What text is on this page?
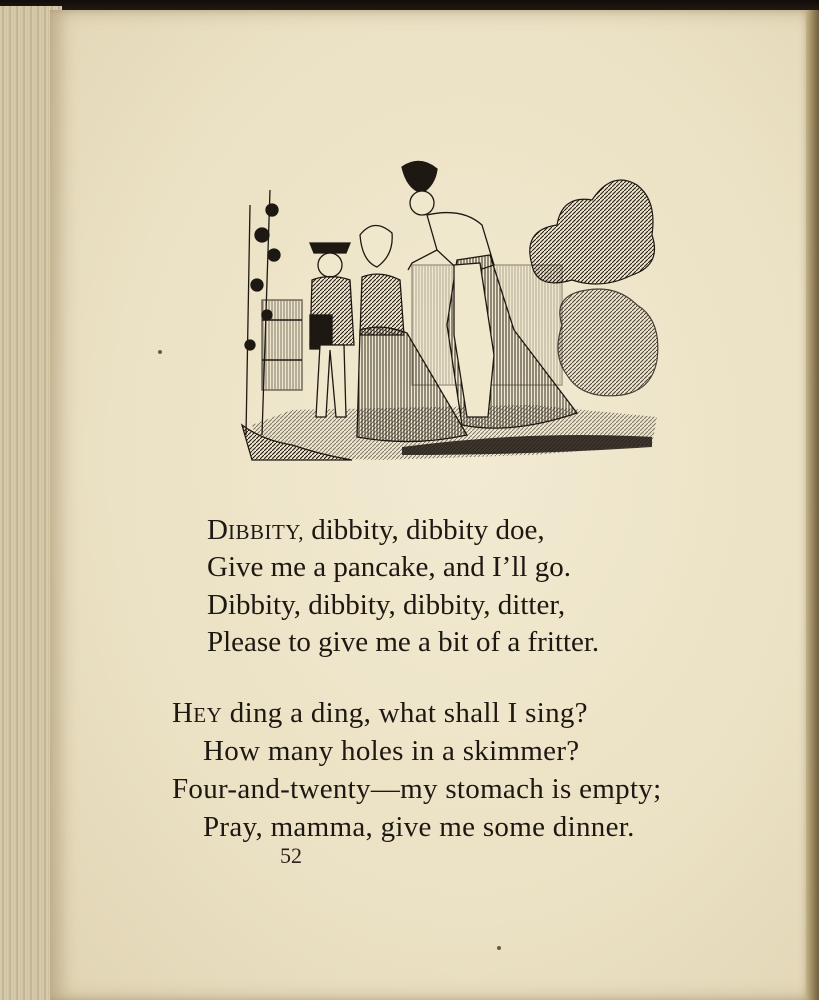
DIBBITY, dibbity, dibbity doe,

Give me a pancake, and I’ll go.

Dibbity, dibbity, dibbity, ditter,

Please to give me a bit of a fritter.

HEY ding a ding, what shall I sing?

How many holes in a skimmer?

Four-and-twenty—my stomach is empty;

Pray, mamma, give me some dinner.

52
